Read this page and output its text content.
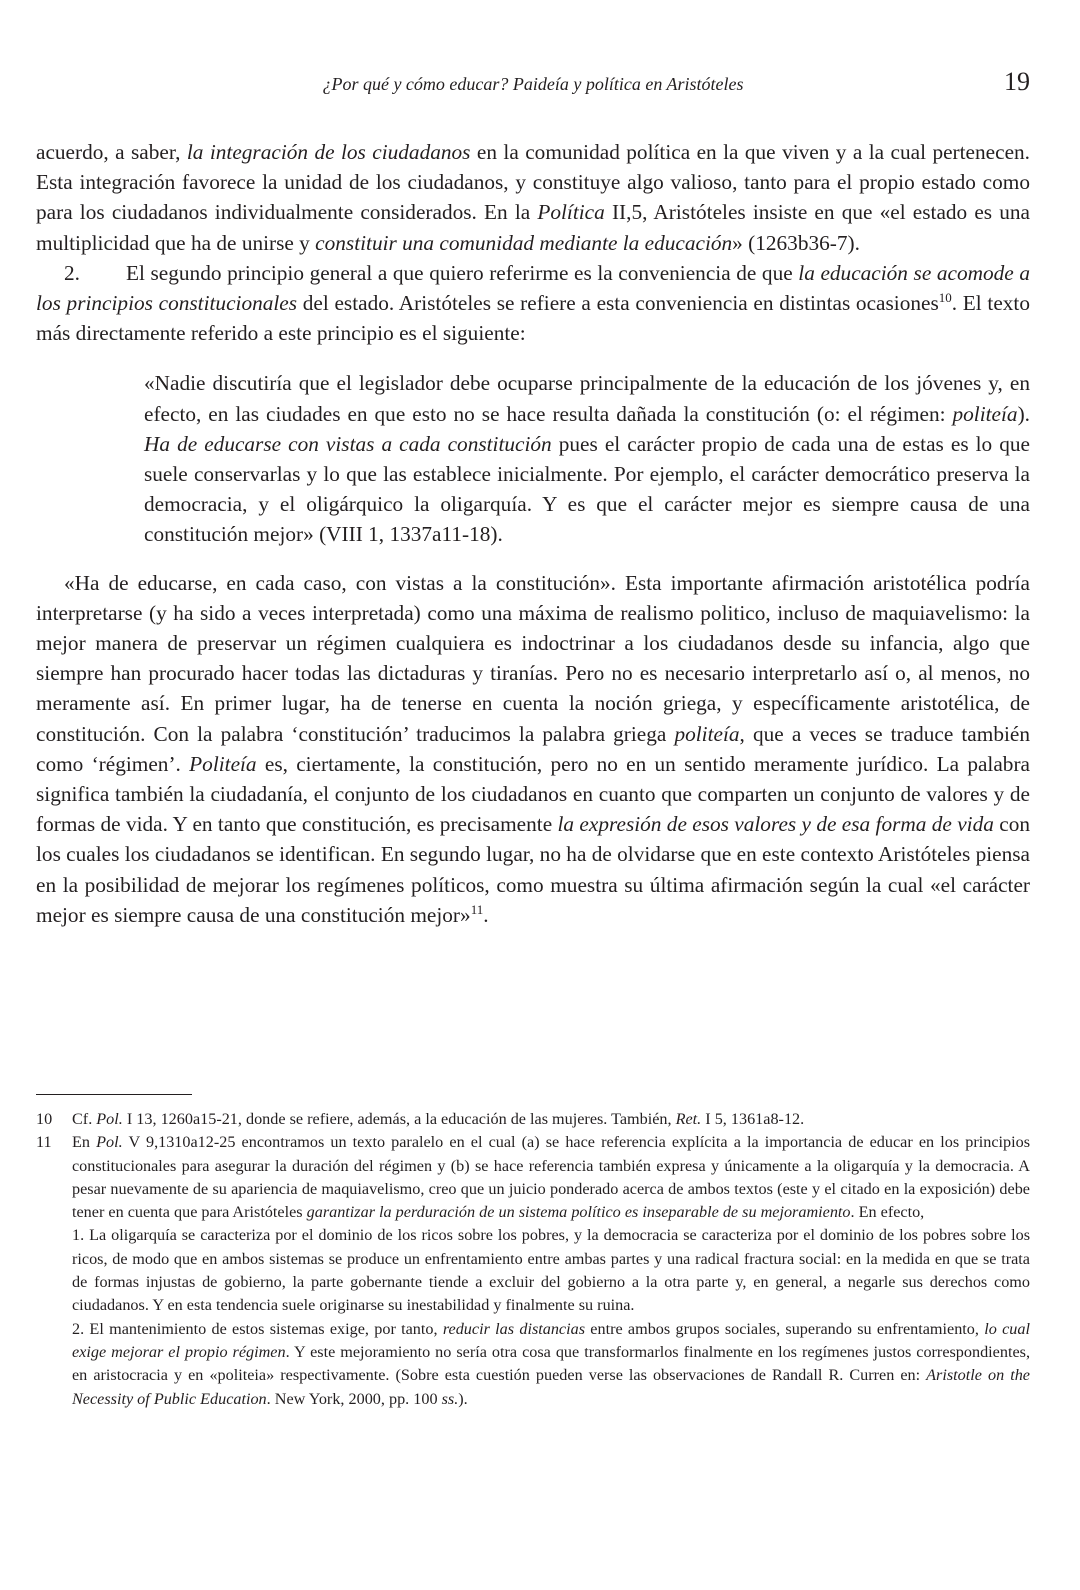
¿Por qué y cómo educar? Paideía y política en Aristóteles	19

acuerdo, a saber, la integración de los ciudadanos en la comunidad política en la que viven y a la cual pertenecen. Esta integración favorece la unidad de los ciudadanos, y constituye algo valioso, tanto para el propio estado como para los ciudadanos individualmente considerados. En la Política II,5, Aristóteles insiste en que «el estado es una multiplicidad que ha de unirse y constituir una comunidad mediante la educación» (1263b36-7).

2. El segundo principio general a que quiero referirme es la conveniencia de que la educación se acomode a los principios constitucionales del estado. Aristóteles se refiere a esta conveniencia en distintas ocasiones$^{10}$. El texto más directamente referido a este principio es el siguiente:

«Nadie discutiría que el legislador debe ocuparse principalmente de la educación de los jóvenes y, en efecto, en las ciudades en que esto no se hace resulta dañada la constitución (o: el régimen: politeía). Ha de educarse con vistas a cada constitución pues el carácter propio de cada una de estas es lo que suele conservarlas y lo que las establece inicialmente. Por ejemplo, el carácter democrático preserva la democracia, y el oligárquico la oligarquía. Y es que el carácter mejor es siempre causa de una constitución mejor» (VIII 1, 1337a11-18).

«Ha de educarse, en cada caso, con vistas a la constitución». Esta importante afirmación aristotélica podría interpretarse (y ha sido a veces interpretada) como una máxima de realismo politico, incluso de maquiavelismo: la mejor manera de preservar un régimen cualquiera es indoctrinar a los ciudadanos desde su infancia, algo que siempre han procurado hacer todas las dictaduras y tiranías. Pero no es necesario interpretarlo así o, al menos, no meramente así. En primer lugar, ha de tenerse en cuenta la noción griega, y específicamente aristotélica, de constitución. Con la palabra ‘constitución’ traducimos la palabra griega politeía, que a veces se traduce también como ‘régimen’. Politeía es, ciertamente, la constitución, pero no en un sentido meramente jurídico. La palabra significa también la ciudadanía, el conjunto de los ciudadanos en cuanto que comparten un conjunto de valores y de formas de vida. Y en tanto que constitución, es precisamente la expresión de esos valores y de esa forma de vida con los cuales los ciudadanos se identifican. En segundo lugar, no ha de olvidarse que en este contexto Aristóteles piensa en la posibilidad de mejorar los regímenes políticos, como muestra su última afirmación según la cual «el carácter mejor es siempre causa de una constitución mejor»$^{11}$.

10 Cf. Pol. I 13, 1260a15-21, donde se refiere, además, a la educación de las mujeres. También, Ret. I 5, 1361a8-12.

11 En Pol. V 9,1310a12-25 encontramos un texto paralelo en el cual (a) se hace referencia explícita a la importancia de educar en los principios constitucionales para asegurar la duración del régimen y (b) se hace referencia también expresa y únicamente a la oligarquía y la democracia. A pesar nuevamente de su apariencia de maquiavelismo, creo que un juicio ponderado acerca de ambos textos (este y el citado en la exposición) debe tener en cuenta que para Aristóteles garantizar la perduración de un sistema político es inseparable de su mejoramiento. En efecto,

1. La oligarquía se caracteriza por el dominio de los ricos sobre los pobres, y la democracia se caracteriza por el dominio de los pobres sobre los ricos, de modo que en ambos sistemas se produce un enfrentamiento entre ambas partes y una radical fractura social: en la medida en que se trata de formas injustas de gobierno, la parte gobernante tiende a excluir del gobierno a la otra parte y, en general, a negarle sus derechos como ciudadanos. Y en esta tendencia suele originarse su inestabilidad y finalmente su ruina.

2. El mantenimiento de estos sistemas exige, por tanto, reducir las distancias entre ambos grupos sociales, superando su enfrentamiento, lo cual exige mejorar el propio régimen. Y este mejoramiento no sería otra cosa que transformarlos finalmente en los regímenes justos correspondientes, en aristocracia y en «politeia» respectivamente. (Sobre esta cuestión pueden verse las observaciones de Randall R. Curren en: Aristotle on the Necessity of Public Education. New York, 2000, pp. 100 ss.).
